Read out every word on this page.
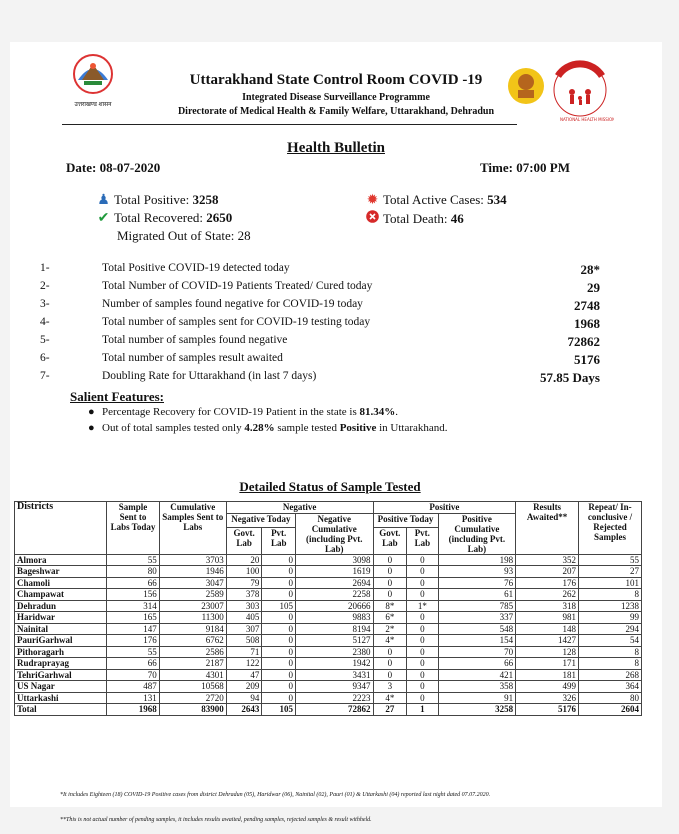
उत्तराखण्ड शासन
Uttarakhand State Control Room COVID -19
Integrated Disease Surveillance Programme
Directorate of Medical Health & Family Welfare, Uttarakhand, Dehradun
NATIONAL HEALTH MISSION
Health Bulletin
Date: 08-07-2020	Time: 07:00 PM
♟ Total Positive: 3258
✔ Total Recovered: 2650
Migrated Out of State: 28
✹ Total Active Cases: 534
Total Death: 46
1-	Total Positive COVID-19 detected today	28*
2-	Total Number of COVID-19 Patients Treated/ Cured today	29
3-	Number of samples found negative for COVID-19 today	2748
4-	Total number of samples sent for COVID-19 testing today	1968
5-	Total number of samples found negative	72862
6-	Total number of samples result awaited	5176
7-	Doubling Rate for Uttarakhand (in last 7 days)	57.85 Days
Salient Features:
● Percentage Recovery for COVID-19 Patient in the state is 81.34%.
● Out of total samples tested only 4.28% sample tested Positive in Uttarakhand.
Detailed Status of Sample Tested
Districts	Sample Sent to Labs Today	Cumulative Samples Sent to Labs	Negative			Positive			Results Awaited**	Repeat/ In-conclusive / Rejected Samples
			Negative Today		Negative Cumulative (including Pvt. Lab)	Positive Today		Positive Cumulative (including Pvt. Lab)		
			Govt. Lab	Pvt. Lab		Govt. Lab	Pvt. Lab			
Almora	55	3703	20	0	3098	0	0	198	352	55
Bageshwar	80	1946	100	0	1619	0	0	93	207	27
Chamoli	66	3047	79	0	2694	0	0	76	176	101
Champawat	156	2589	378	0	2258	0	0	61	262	8
Dehradun	314	23007	303	105	20666	8*	1*	785	318	1238
Haridwar	165	11300	405	0	9883	6*	0	337	981	99
Nainital	147	9184	307	0	8194	2*	0	548	148	294
PauriGarhwal	176	6762	508	0	5127	4*	0	154	1427	54
Pithoragarh	55	2586	71	0	2380	0	0	70	128	8
Rudraprayag	66	2187	122	0	1942	0	0	66	171	8
TehriGarhwal	70	4301	47	0	3431	0	0	421	181	268
US Nagar	487	10568	209	0	9347	3	0	358	499	364
Uttarkashi	131	2720	94	0	2223	4*	0	91	326	80
Total	1968	83900	2643	105	72862	27	1	3258	5176	2604
*It includes Eighteen (18) COVID-19 Positive cases from district Dehradun (05), Haridwar (06), Nainital (02), Pauri (01) & Uttarkashi (04) reported last night dated 07.07.2020.
**This is not actual number of pending samples, it includes results awaited, pending samples, rejected samples & result withheld.
